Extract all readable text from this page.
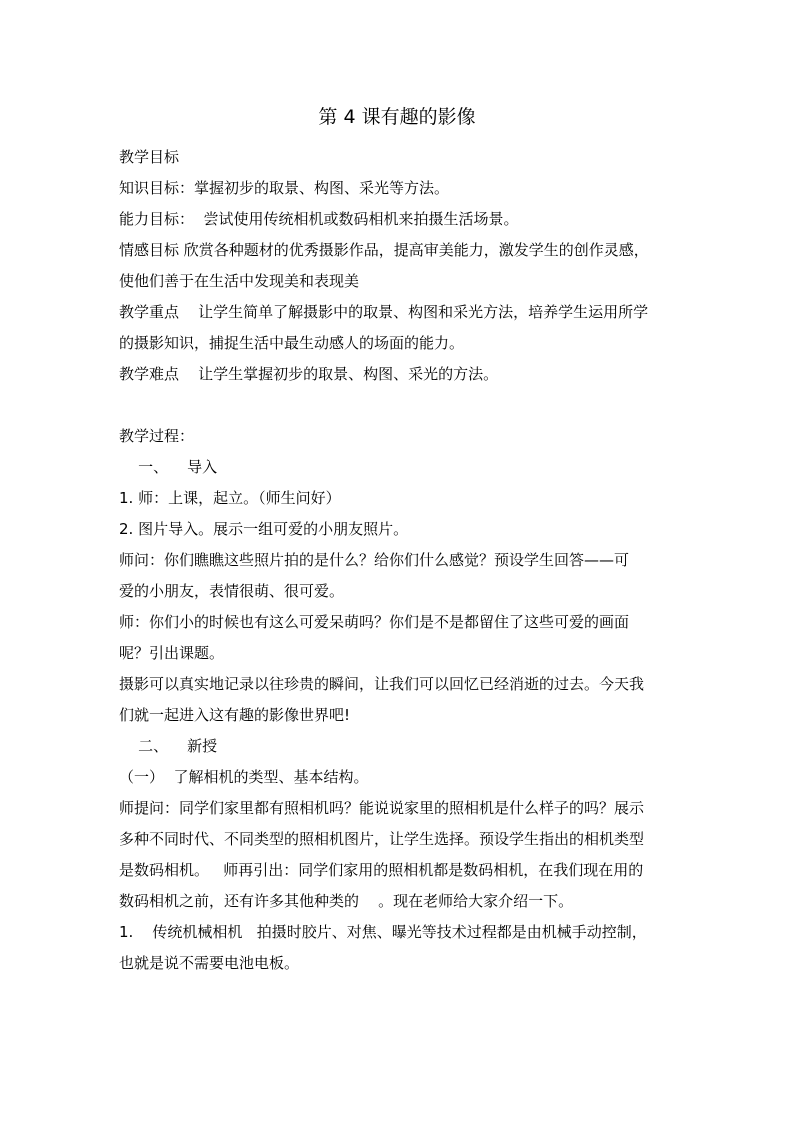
第 4 课有趣的影像
教学目标
知识目标：掌握初步的取景、构图、采光等方法。
能力目标：  尝试使用传统相机或数码相机来拍摄生活场景。
情感目标 欣赏各种题材的优秀摄影作品，提高审美能力，激发学生的创作灵感，
使他们善于在生活中发现美和表现美
教学重点    让学生简单了解摄影中的取景、构图和采光方法，培养学生运用所学
的摄影知识，捕捉生活中最生动感人的场面的能力。
教学难点    让学生掌握初步的取景、构图、采光的方法。
教学过程：
一、    导入
1. 师：上课，起立。（师生问好）
2. 图片导入。展示一组可爱的小朋友照片。
师问：你们瞧瞧这些照片拍的是什么？给你们什么感觉？预设学生回答——可
爱的小朋友，表情很萌、很可爱。
师：你们小的时候也有这么可爱呆萌吗？你们是不是都留住了这些可爱的画面
呢？引出课题。
摄影可以真实地记录以往珍贵的瞬间，让我们可以回忆已经消逝的过去。今天我
们就一起进入这有趣的影像世界吧!
二、    新授
（一）  了解相机的类型、基本结构。
师提问：同学们家里都有照相机吗？能说说家里的照相机是什么样子的吗？展示
多种不同时代、不同类型的照相机图片，让学生选择。预设学生指出的相机类型
是数码相机。   师再引出：同学们家用的照相机都是数码相机，在我们现在用的
数码相机之前，还有许多其他种类的    。现在老师给大家介绍一下。
1.    传统机械相机   拍摄时胶片、对焦、曝光等技术过程都是由机械手动控制，
也就是说不需要电池电板。
